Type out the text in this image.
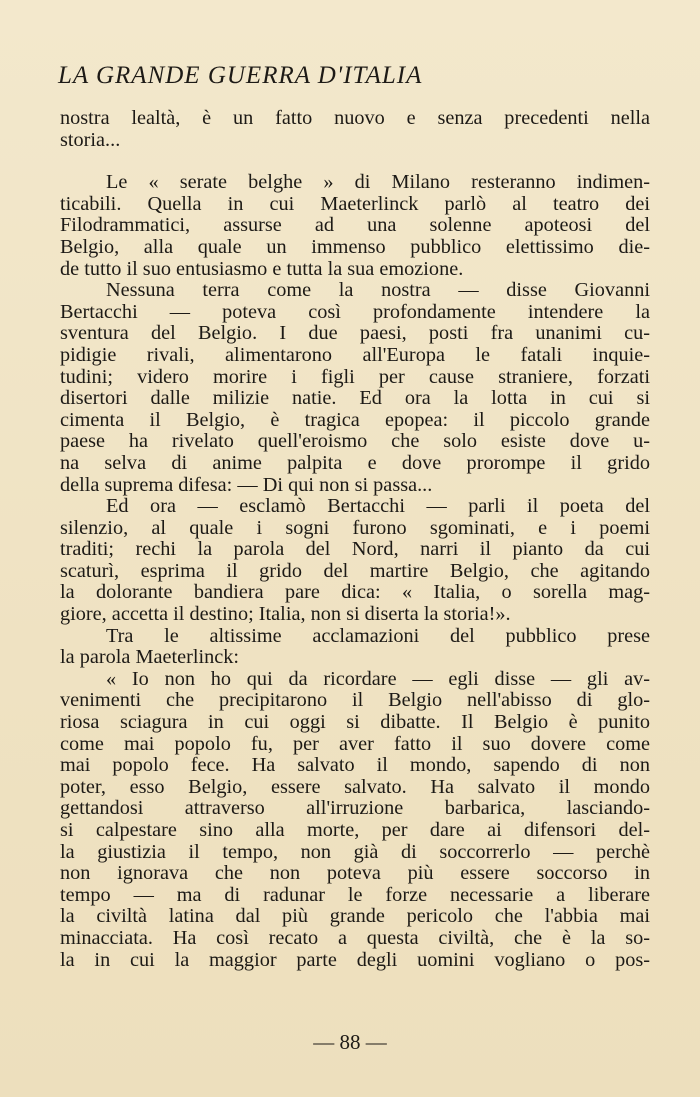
LA GRANDE GUERRA D'ITALIA
nostra lealtà, è un fatto nuovo e senza precedenti nella
storia...
Le « serate belghe » di Milano resteranno indimen-
ticabili. Quella in cui Maeterlinck parlò al teatro dei
Filodrammatici, assurse ad una solenne apoteosi del
Belgio, alla quale un immenso pubblico elettissimo die-
de tutto il suo entusiasmo e tutta la sua emozione.
Nessuna terra come la nostra — disse Giovanni
Bertacchi — poteva così profondamente intendere la
sventura del Belgio. I due paesi, posti fra unanimi cu-
pidigie rivali, alimentarono all'Europa le fatali inquie-
tudini; videro morire i figli per cause straniere, forzati
disertori dalle milizie natie. Ed ora la lotta in cui si
cimenta il Belgio, è tragica epopea: il piccolo grande
paese ha rivelato quell'eroismo che solo esiste dove u-
na selva di anime palpita e dove prorompe il grido
della suprema difesa: — Di qui non si passa...
Ed ora — esclamò Bertacchi — parli il poeta del
silenzio, al quale i sogni furono sgominati, e i poemi
traditi; rechi la parola del Nord, narri il pianto da cui
scaturì, esprima il grido del martire Belgio, che agitando
la dolorante bandiera pare dica: « Italia, o sorella mag-
giore, accetta il destino; Italia, non si diserta la storia!».
Tra le altissime acclamazioni del pubblico prese
la parola Maeterlinck:
« Io non ho qui da ricordare — egli disse — gli av-
venimenti che precipitarono il Belgio nell'abisso di glo-
riosa sciagura in cui oggi si dibatte. Il Belgio è punito
come mai popolo fu, per aver fatto il suo dovere come
mai popolo fece. Ha salvato il mondo, sapendo di non
poter, esso Belgio, essere salvato. Ha salvato il mondo
gettandosi attraverso all'irruzione barbarica, lasciando-
si calpestare sino alla morte, per dare ai difensori del-
la giustizia il tempo, non già di soccorrerlo — perchè
non ignorava che non poteva più essere soccorso in
tempo — ma di radunar le forze necessarie a liberare
la civiltà latina dal più grande pericolo che l'abbia mai
minacciata. Ha così recato a questa civiltà, che è la so-
la in cui la maggior parte degli uomini vogliano o pos-
— 88 —
